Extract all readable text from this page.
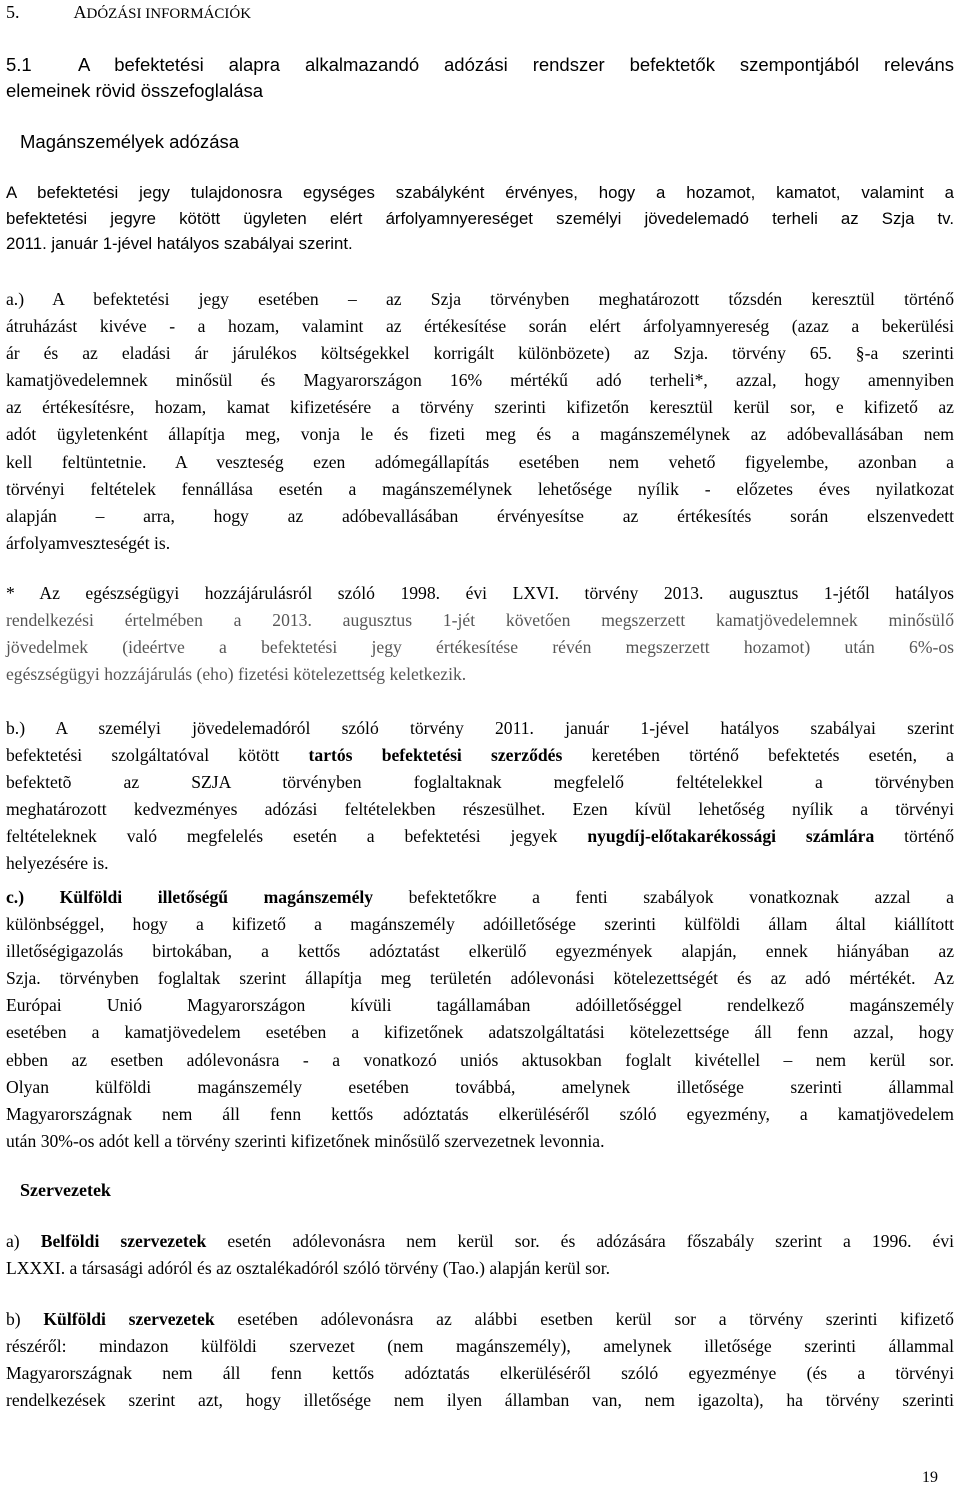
5.	ADÓZÁSI INFORMÁCIÓK
5.1	A befektetési alapra alkalmazandó adózási rendszer befektetők szempontjából releváns
elemeinek rövid összefoglalása
Magánszemélyek adózása
A befektetési jegy tulajdonosra egységes szabályként érvényes, hogy a hozamot, kamatot, valamint a
befektetési jegyre kötött ügyleten elért árfolyamnyereséget személyi jövedelemadó terheli az Szja tv.
2011. január 1-jével hatályos szabályai szerint.
a.) A befektetési jegy esetében – az Szja törvényben meghatározott tőzsdén keresztül történő
átruházást kivéve - a hozam, valamint az értékesítése során elért árfolyamnyereség (azaz a bekerülési
ár és az eladási ár járulékos költségekkel korrigált különbözete) az Szja. törvény 65. §-a szerinti
kamatjövedelemnek minősül és Magyarországon 16% mértékű adó terheli*, azzal, hogy amennyiben
az értékesítésre, hozam, kamat kifizetésére a törvény szerinti kifizetőn keresztül kerül sor, e kifizető az
adót ügyletenként állapítja meg, vonja le és fizeti meg és a magánszemélynek az adóbevallásában nem
kell feltüntetnie. A veszteség ezen adómegállapítás esetében nem vehető figyelembe, azonban a
törvényi feltételek fennállása esetén a magánszemélynek lehetősége nyílik - előzetes éves nyilatkozat
alapján – arra, hogy az adóbevallásában érvényesítse az értékesítés során elszenvedett
árfolyamveszteségét is.
* Az egészségügyi hozzájárulásról szóló 1998. évi LXVI. törvény 2013. augusztus 1-jétől hatályos
rendelkezési értelmében a 2013. augusztus 1-jét követően megszerzett kamatjövedelemnek minősülő
jövedelmek (ideértve a befektetési jegy értékesítése révén megszerzett hozamot) után 6%-os
egészségügyi hozzájárulás (eho) fizetési kötelezettség keletkezik.
b.) A személyi jövedelemadóról szóló törvény 2011. január 1-jével hatályos szabályai szerint
befektetési szolgáltatóval kötött tartós befektetési szerződés keretében történő befektetés esetén, a
befektetõ az SZJA törvényben foglaltaknak megfelelő feltételekkel a törvényben
meghatározott kedvezményes adózási feltételekben részesülhet. Ezen kívül lehetőség nyílik a törvényi
feltételeknek való megfelelés esetén a befektetési jegyek nyugdíj-előtakarékossági számlára történő
helyezésére is.
c.) Külföldi illetőségű magánszemély befektetőkre a fenti szabályok vonatkoznak azzal a
különbséggel, hogy a kifizető a magánszemély adóilletősége szerinti külföldi állam által kiállított
illetőségigazolás birtokában, a kettős adóztatást elkerülő egyezmények alapján, ennek hiányában az
Szja. törvényben foglaltak szerint állapítja meg területén adólevonási kötelezettségét és az adó mértékét. Az
Európai Unió Magyarországon kívüli tagállamában adóilletőséggel rendelkező magánszemély
esetében a kamatjövedelem esetében a kifizetőnek adatszolgáltatási kötelezettsége áll fenn azzal, hogy
ebben az esetben adólevonásra - a vonatkozó uniós aktusokban foglalt kivétellel – nem kerül sor.
Olyan külföldi magánszemély esetében továbbá, amelynek illetősége szerinti állammal
Magyarországnak nem áll fenn kettős adóztatás elkerüléséről szóló egyezmény, a kamatjövedelem
után 30%-os adót kell a törvény szerinti kifizetőnek minősülő szervezetnek levonnia.
Szervezetek
a) Belföldi szervezetek esetén adólevonásra nem kerül sor. és adózására főszabály szerint a 1996. évi
LXXXI. a társasági adóról és az osztalékadóról szóló törvény (Tao.) alapján kerül sor.
b) Külföldi szervezetek esetében adólevonásra az alábbi esetben kerül sor a törvény szerinti kifizető
részéről: mindazon külföldi szervezet (nem magánszemély), amelynek illetősége szerinti állammal
Magyarországnak nem áll fenn kettős adóztatás elkerüléséről szóló egyezménye (és a törvényi
rendelkezések szerint azt, hogy illetősége nem ilyen államban van, nem igazolta), ha törvény szerinti
19
